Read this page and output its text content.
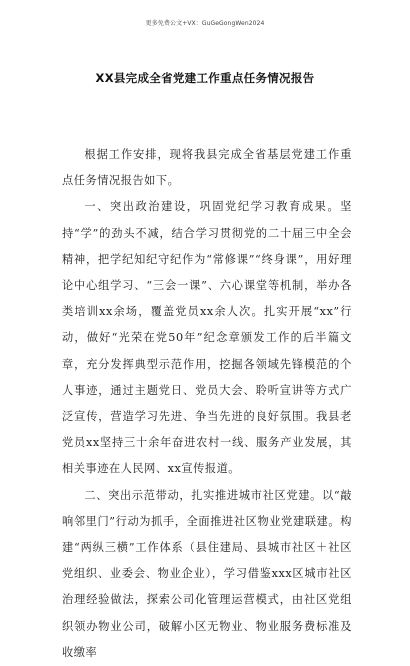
更多免费公文+VX：GuGeGongWen2024
XX县完成全省党建工作重点任务情况报告

根据工作安排，现将我县完成全省基层党建工作重点任务情况报告如下。

一、突出政治建设，巩固党纪学习教育成果。坚持“学”的劲头不减，结合学习贯彻党的二十届三中全会精神，把学纪知纪守纪作为“常修课”“终身课”，用好理论中心组学习、“三会一课”、六心课堂等机制，举办各类培训xx余场，覆盖党员xx余人次。扎实开展“xx”行动，做好“光荣在党50年”纪念章颁发工作的后半篇文章，充分发挥典型示范作用，挖掘各领域先锋模范的个人事迹，通过主题党日、党员大会、聆听宣讲等方式广泛宣传，营造学习先进、争当先进的良好氛围。我县老党员xx坚持三十余年奋进农村一线、服务产业发展，其相关事迹在人民网、xx宣传报道。

二、突出示范带动，扎实推进城市社区党建。以“敲响邻里门”行动为抓手，全面推进社区物业党建联建。构建“两纵三横”工作体系（县住建局、县城市社区＋社区党组织、业委会、物业企业），学习借鉴xxx区城市社区治理经验做法，探索公司化管理运营模式，由社区党组织领办物业公司，破解小区无物业、物业服务费标准及收缴率
